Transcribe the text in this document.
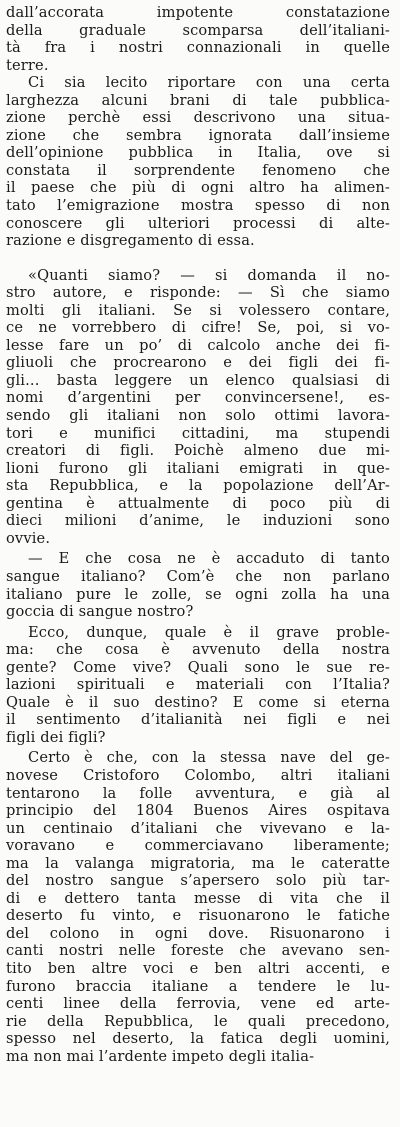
dall’accorata impotente constatazione
della graduale scomparsa dell’italiani-
tà fra i nostri connazionali in quelle
terre.
Ci sia lecito riportare con una certa
larghezza alcuni brani di tale pubblica-
zione perchè essi descrivono una situa-
zione che sembra ignorata dall’insieme
dell’opinione pubblica in Italia, ove si
constata il sorprendente fenomeno che
il paese che più di ogni altro ha alimen-
tato l’emigrazione mostra spesso di non
conoscere gli ulteriori processi di alte-
razione e disgregamento di essa.
«Quanti siamo? — si domanda il no-
stro autore, e risponde: — Sì che siamo
molti gli italiani. Se si volessero contare,
ce ne vorrebbero di cifre! Se, poi, si vo-
lesse fare un po’ di calcolo anche dei fi-
gliuoli che procrearono e dei figli dei fi-
gli... basta leggere un elenco qualsiasi di
nomi d’argentini per convincersene!, es-
sendo gli italiani non solo ottimi lavora-
tori e munifici cittadini, ma stupendi
creatori di figli. Poichè almeno due mi-
lioni furono gli italiani emigrati in que-
sta Repubblica, e la popolazione dell’Ar-
gentina è attualmente di poco più di
dieci milioni d’anime, le induzioni sono
ovvie.
— E che cosa ne è accaduto di tanto
sangue italiano? Com’è che non parlano
italiano pure le zolle, se ogni zolla ha una
goccia di sangue nostro?
Ecco, dunque, quale è il grave proble-
ma: che cosa è avvenuto della nostra
gente? Come vive? Quali sono le sue re-
lazioni spirituali e materiali con l’Italia?
Quale è il suo destino? E come si eterna
il sentimento d’italianità nei figli e nei
figli dei figli?
Certo è che, con la stessa nave del ge-
novese Cristoforo Colombo, altri italiani
tentarono la folle avventura, e già al
principio del 1804 Buenos Aires ospitava
un centinaio d’italiani che vivevano e la-
voravano e commerciavano liberamente;
ma la valanga migratoria, ma le cateratte
del nostro sangue s’apersero solo più tar-
di e dettero tanta messe di vita che il
deserto fu vinto, e risuonarono le fatiche
del colono in ogni dove. Risuonarono i
canti nostri nelle foreste che avevano sen-
tito ben altre voci e ben altri accenti, e
furono braccia italiane a tendere le lu-
centi linee della ferrovia, vene ed arte-
rie della Repubblica, le quali precedono,
spesso nel deserto, la fatica degli uomini,
ma non mai l’ardente impeto degli italia-
